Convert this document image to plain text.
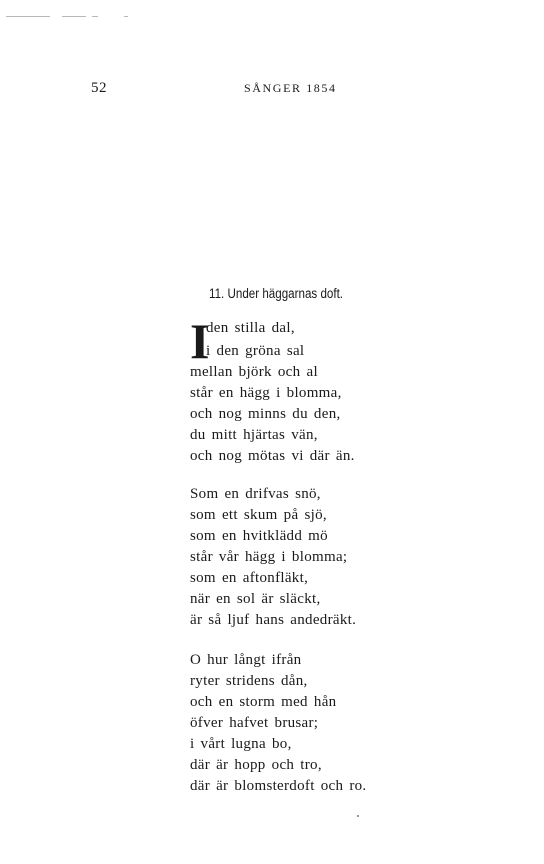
52	SÅNGER 1854
11. Under häggarnas doft.
I
den stilla dal,
i den gröna sal
mellan björk och al
står en hägg i blomma,
och nog minns du den,
du mitt hjärtas vän,
och nog mötas vi där än.
Som en drifvas snö,
som ett skum på sjö,
som en hvitklädd mö
står vår hägg i blomma;
som en aftonfläkt,
när en sol är släckt,
är så ljuf hans andedräkt.
O hur långt ifrån
ryter stridens dån,
och en storm med hån
öfver hafvet brusar;
i vårt lugna bo,
där är hopp och tro,
där är blomsterdoft och ro.
